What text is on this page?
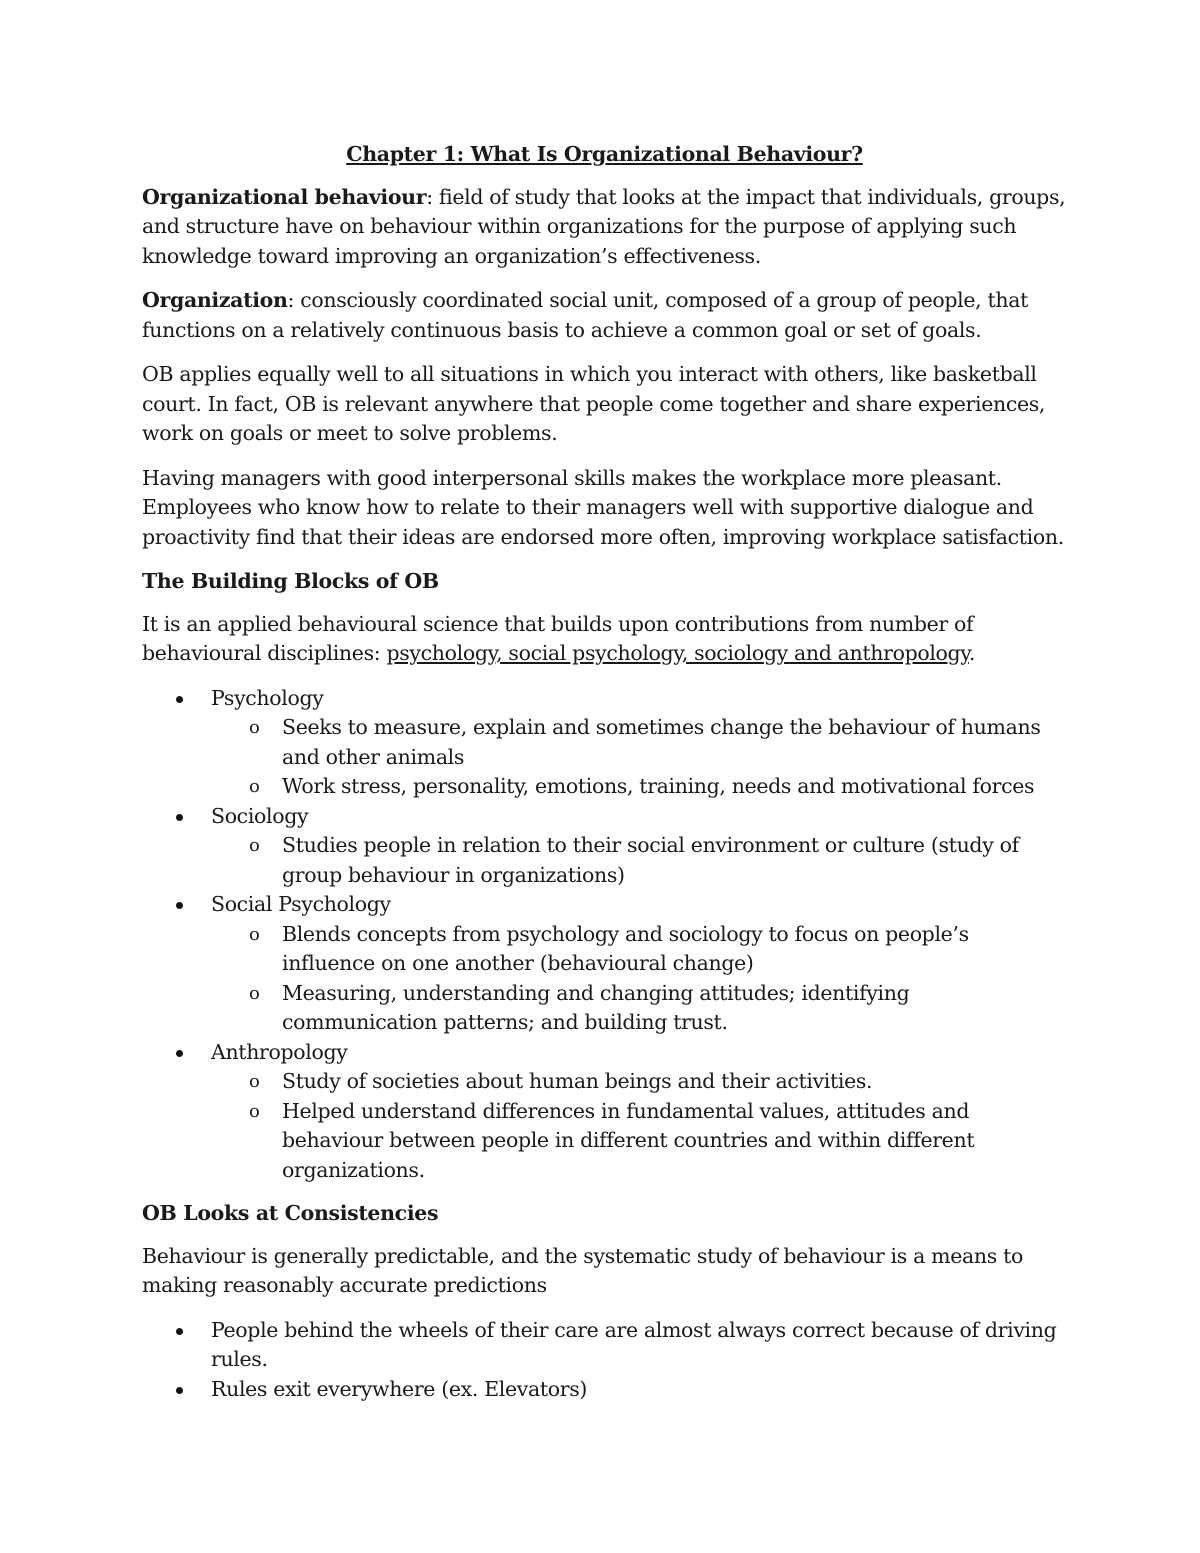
Chapter 1: What Is Organizational Behaviour?

Organizational behaviour: field of study that looks at the impact that individuals, groups, and structure have on behaviour within organizations for the purpose of applying such knowledge toward improving an organization’s effectiveness.

Organization: consciously coordinated social unit, composed of a group of people, that functions on a relatively continuous basis to achieve a common goal or set of goals.

OB applies equally well to all situations in which you interact with others, like basketball court. In fact, OB is relevant anywhere that people come together and share experiences, work on goals or meet to solve problems.

Having managers with good interpersonal skills makes the workplace more pleasant. Employees who know how to relate to their managers well with supportive dialogue and proactivity find that their ideas are endorsed more often, improving workplace satisfaction.

The Building Blocks of OB

It is an applied behavioural science that builds upon contributions from number of behavioural disciplines: psychology, social psychology, sociology and anthropology.

Psychology
o Seeks to measure, explain and sometimes change the behaviour of humans and other animals
o Work stress, personality, emotions, training, needs and motivational forces
Sociology
o Studies people in relation to their social environment or culture (study of group behaviour in organizations)
Social Psychology
o Blends concepts from psychology and sociology to focus on people’s influence on one another (behavioural change)
o Measuring, understanding and changing attitudes; identifying communication patterns; and building trust.
Anthropology
o Study of societies about human beings and their activities.
o Helped understand differences in fundamental values, attitudes and behaviour between people in different countries and within different organizations.
OB Looks at Consistencies

Behaviour is generally predictable, and the systematic study of behaviour is a means to making reasonably accurate predictions

People behind the wheels of their care are almost always correct because of driving rules.
Rules exit everywhere (ex. Elevators)
